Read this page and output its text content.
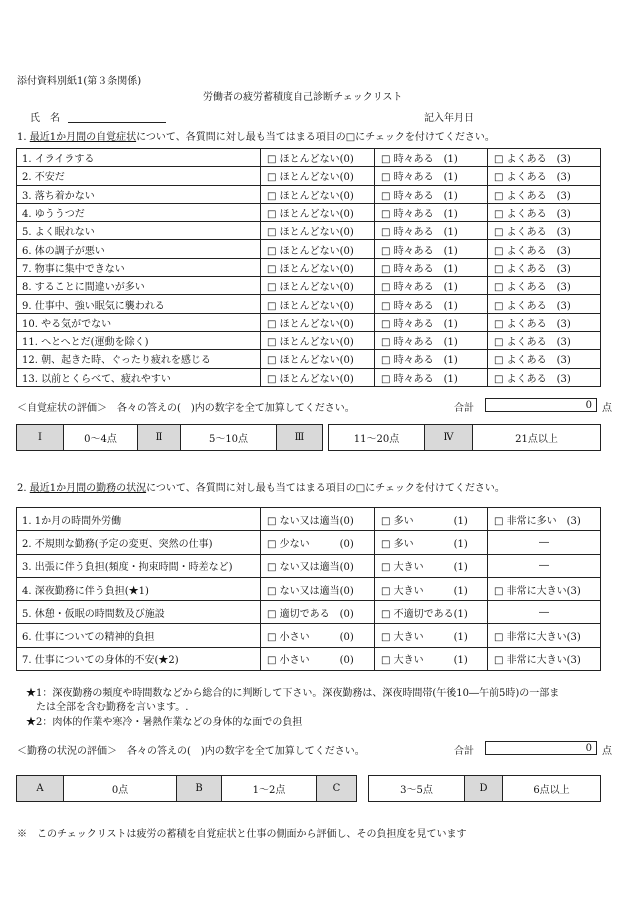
添付資料別紙1(第３条関係)
労働者の疲労蓄積度自己診断チェックリスト
氏　名	記入年月日
1. 最近1か月間の自覚症状について、各質問に対し最も当てはまる項目の□にチェックを付けてください。
1. イライラする	□ ほとんどない(0)	□ 時々ある　(1)	□ よくある　(3)
2. 不安だ	□ ほとんどない(0)	□ 時々ある　(1)	□ よくある　(3)
3. 落ち着かない	□ ほとんどない(0)	□ 時々ある　(1)	□ よくある　(3)
4. ゆううつだ	□ ほとんどない(0)	□ 時々ある　(1)	□ よくある　(3)
5. よく眠れない	□ ほとんどない(0)	□ 時々ある　(1)	□ よくある　(3)
6. 体の調子が悪い	□ ほとんどない(0)	□ 時々ある　(1)	□ よくある　(3)
7. 物事に集中できない	□ ほとんどない(0)	□ 時々ある　(1)	□ よくある　(3)
8. することに間違いが多い	□ ほとんどない(0)	□ 時々ある　(1)	□ よくある　(3)
9. 仕事中、強い眠気に襲われる	□ ほとんどない(0)	□ 時々ある　(1)	□ よくある　(3)
10. やる気がでない	□ ほとんどない(0)	□ 時々ある　(1)	□ よくある　(3)
11. へとへとだ(運動を除く)	□ ほとんどない(0)	□ 時々ある　(1)	□ よくある　(3)
12. 朝、起きた時、ぐったり疲れを感じる	□ ほとんどない(0)	□ 時々ある　(1)	□ よくある　(3)
13. 以前とくらべて、疲れやすい	□ ほとんどない(0)	□ 時々ある　(1)	□ よくある　(3)
＜自覚症状の評価＞　各々の答えの(　)内の数字を全て加算してください。	合計	0	点
Ⅰ	0～4点	Ⅱ	5～10点	Ⅲ		11～20点	Ⅳ	21点以上
2. 最近1か月間の勤務の状況について、各質問に対し最も当てはまる項目の□にチェックを付けてください。
1. 1か月の時間外労働	□ ない又は適当(0)	□ 多い　　　　(1)	□ 非常に多い　(3)
2. 不規則な勤務(予定の変更、突然の仕事)	□ 少ない　　　(0)	□ 多い　　　　(1)	―
3. 出張に伴う負担(頻度・拘束時間・時差など)	□ ない又は適当(0)	□ 大きい　　　(1)	―
4. 深夜勤務に伴う負担(★1)	□ ない又は適当(0)	□ 大きい　　　(1)	□ 非常に大きい(3)
5. 休憩・仮眠の時間数及び施設	□ 適切である　(0)	□ 不適切である(1)	―
6. 仕事についての精神的負担	□ 小さい　　　(0)	□ 大きい　　　(1)	□ 非常に大きい(3)
7. 仕事についての身体的不安(★2)	□ 小さい　　　(0)	□ 大きい　　　(1)	□ 非常に大きい(3)
★1：深夜勤務の頻度や時間数などから総合的に判断して下さい。深夜勤務は、深夜時間帯(午後10―午前5時)の一部ま
　たは全部を含む勤務を言います。.
★2：肉体的作業や寒冷・暑熱作業などの身体的な面での負担
＜勤務の状況の評価＞　各々の答えの(　)内の数字を全て加算してください。	合計	0	点
A	0点	B	1～2点	C		3～5点	D	6点以上
※　このチェックリストは疲労の蓄積を自覚症状と仕事の側面から評価し、その負担度を見ています
